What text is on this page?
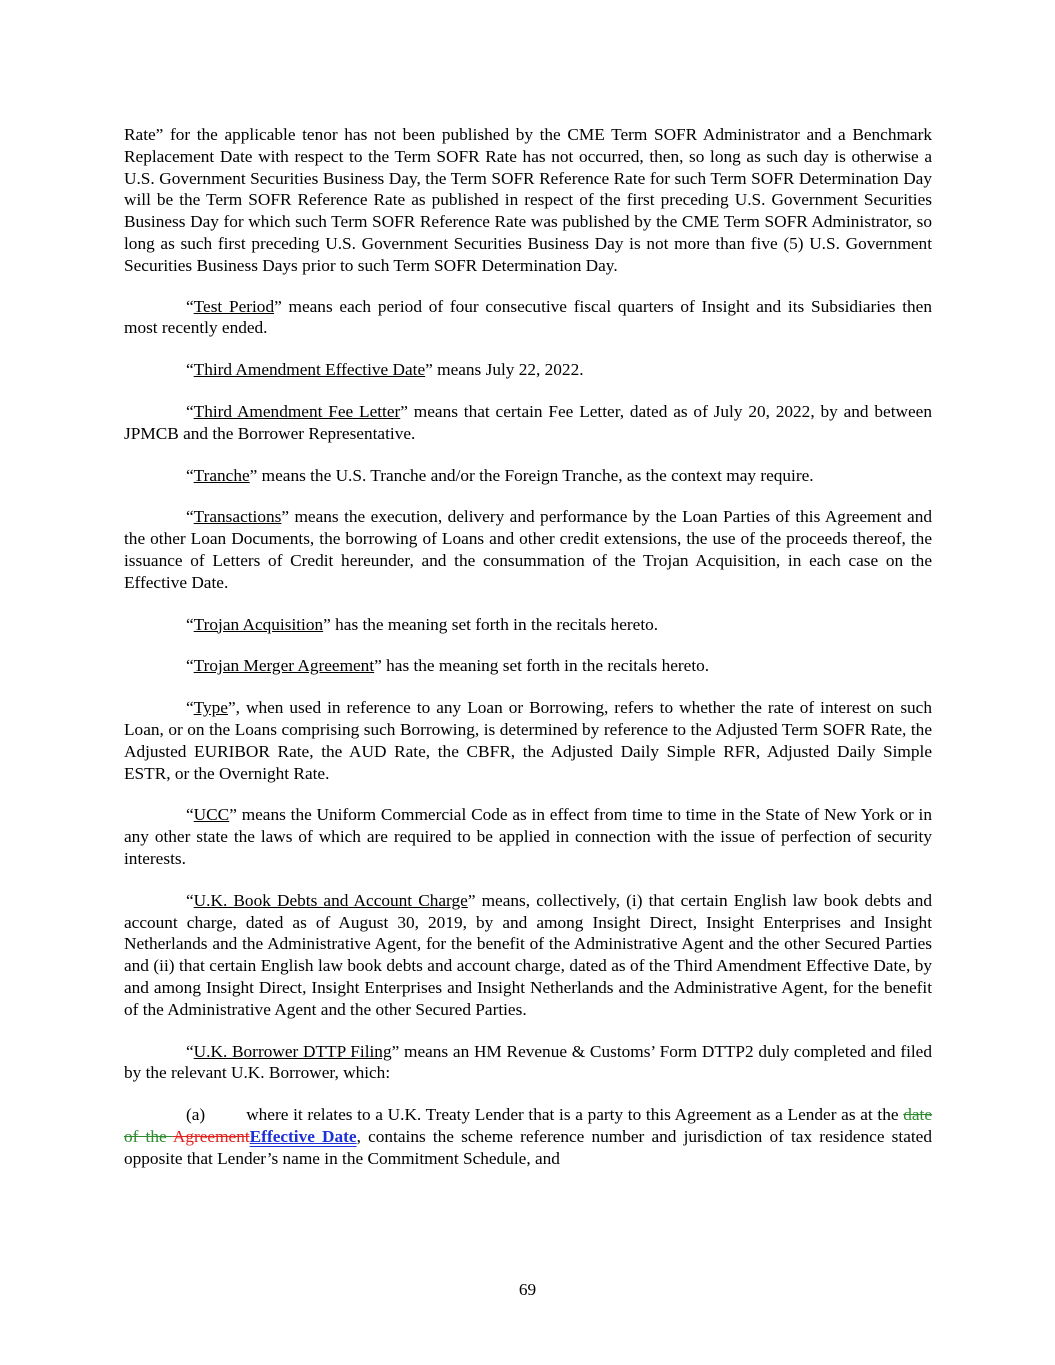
Rate” for the applicable tenor has not been published by the CME Term SOFR Administrator and a Benchmark Replacement Date with respect to the Term SOFR Rate has not occurred, then, so long as such day is otherwise a U.S. Government Securities Business Day, the Term SOFR Reference Rate for such Term SOFR Determination Day will be the Term SOFR Reference Rate as published in respect of the first preceding U.S. Government Securities Business Day for which such Term SOFR Reference Rate was published by the CME Term SOFR Administrator, so long as such first preceding U.S. Government Securities Business Day is not more than five (5) U.S. Government Securities Business Days prior to such Term SOFR Determination Day.

“Test Period” means each period of four consecutive fiscal quarters of Insight and its Subsidiaries then most recently ended.

“Third Amendment Effective Date” means July 22, 2022.

“Third Amendment Fee Letter” means that certain Fee Letter, dated as of July 20, 2022, by and between JPMCB and the Borrower Representative.

“Tranche” means the U.S. Tranche and/or the Foreign Tranche, as the context may require.

“Transactions” means the execution, delivery and performance by the Loan Parties of this Agreement and the other Loan Documents, the borrowing of Loans and other credit extensions, the use of the proceeds thereof, the issuance of Letters of Credit hereunder, and the consummation of the Trojan Acquisition, in each case on the Effective Date.

“Trojan Acquisition” has the meaning set forth in the recitals hereto.

“Trojan Merger Agreement” has the meaning set forth in the recitals hereto.

“Type”, when used in reference to any Loan or Borrowing, refers to whether the rate of interest on such Loan, or on the Loans comprising such Borrowing, is determined by reference to the Adjusted Term SOFR Rate, the Adjusted EURIBOR Rate, the AUD Rate, the CBFR, the Adjusted Daily Simple RFR, Adjusted Daily Simple ESTR, or the Overnight Rate.

“UCC” means the Uniform Commercial Code as in effect from time to time in the State of New York or in any other state the laws of which are required to be applied in connection with the issue of perfection of security interests.

“U.K. Book Debts and Account Charge” means, collectively, (i) that certain English law book debts and account charge, dated as of August 30, 2019, by and among Insight Direct, Insight Enterprises and Insight Netherlands and the Administrative Agent, for the benefit of the Administrative Agent and the other Secured Parties and (ii) that certain English law book debts and account charge, dated as of the Third Amendment Effective Date, by and among Insight Direct, Insight Enterprises and Insight Netherlands and the Administrative Agent, for the benefit of the Administrative Agent and the other Secured Parties.

“U.K. Borrower DTTP Filing” means an HM Revenue & Customs’ Form DTTP2 duly completed and filed by the relevant U.K. Borrower, which:

(a) where it relates to a U.K. Treaty Lender that is a party to this Agreement as a Lender as at the date of the AgreementEffective Date, contains the scheme reference number and jurisdiction of tax residence stated opposite that Lender’s name in the Commitment Schedule, and

69
